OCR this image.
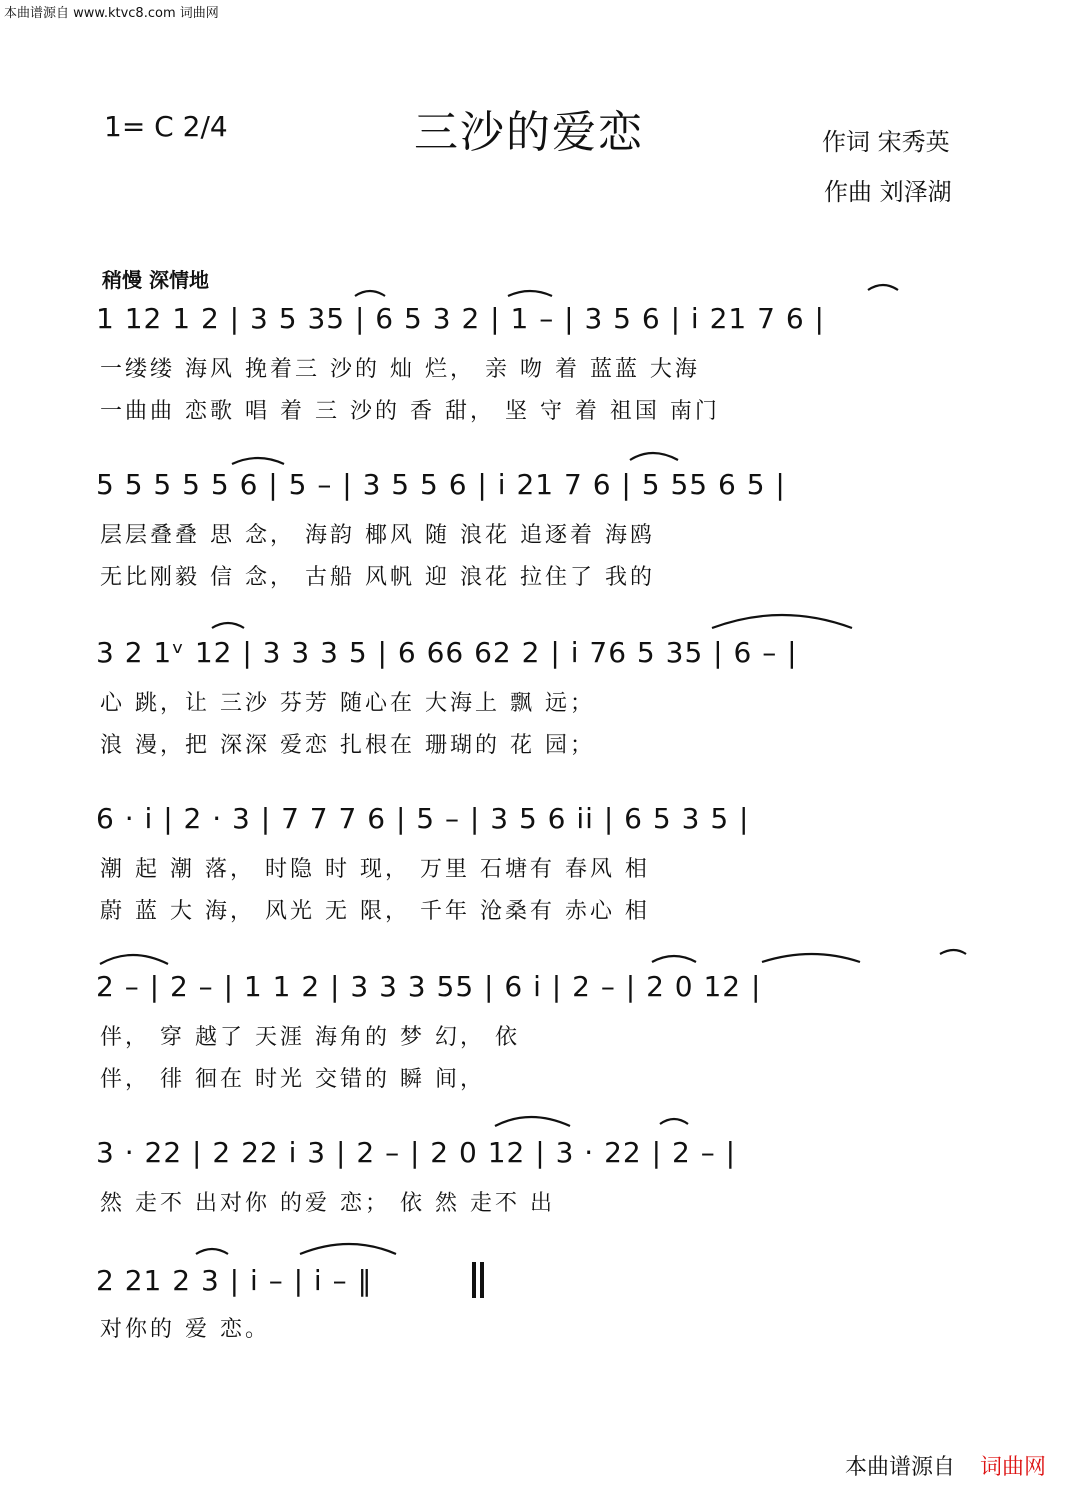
本曲谱源自 www.ktvc8.com 词曲网
1= C 2/4	三沙的爱恋	作词 宋秀英
作曲 刘泽湖
稍慢 深情地
1 12 1 2 | 3 5 35 | 6 5 3 2 | 1 – | 3 5 6 | i 21 7 6 |
一缕缕 海风 挽着三 沙的 灿 烂， 亲 吻 着 蓝蓝 大海
一曲曲 恋歌 唱 着 三 沙的 香 甜， 坚 守 着 祖国 南门
5 5 5 5 5 6 | 5 – | 3 5 5 6 | i 21 7 6 | 5 55 6 5 |
层层叠叠 思 念， 海韵 椰风 随 浪花 追逐着 海鸥
无比刚毅 信 念， 古船 风帆 迎 浪花 拉住了 我的
3 2 1ᵛ 12 | 3 3 3 5 | 6 66 62 2 | i 76 5 35 | 6 – |
心 跳，让 三沙 芬芳 随心在 大海上 飘 远；
浪 漫，把 深深 爱恋 扎根在 珊瑚的 花 园；
6 · i | 2 · 3 | 7 7 7 6 | 5 – | 3 5 6 ii | 6 5 3 5 |
潮 起 潮 落， 时隐 时 现， 万里 石塘有 春风 相
蔚 蓝 大 海， 风光 无 限， 千年 沧桑有 赤心 相
2 – | 2 – | 1 1 2 | 3 3 3 55 | 6 i | 2 – | 2 0 12 |
伴， 穿 越了 天涯 海角的 梦 幻， 依
伴， 徘 徊在 时光 交错的 瞬 间，
3 · 22 | 2 22 i 3 | 2 – | 2 0 12 | 3 · 22 | 2 – |
然 走不 出对你 的爱 恋； 依 然 走不 出
2 21 2 3 | i – | i – ‖
对你的 爱 恋。
本曲谱源自 词曲网
